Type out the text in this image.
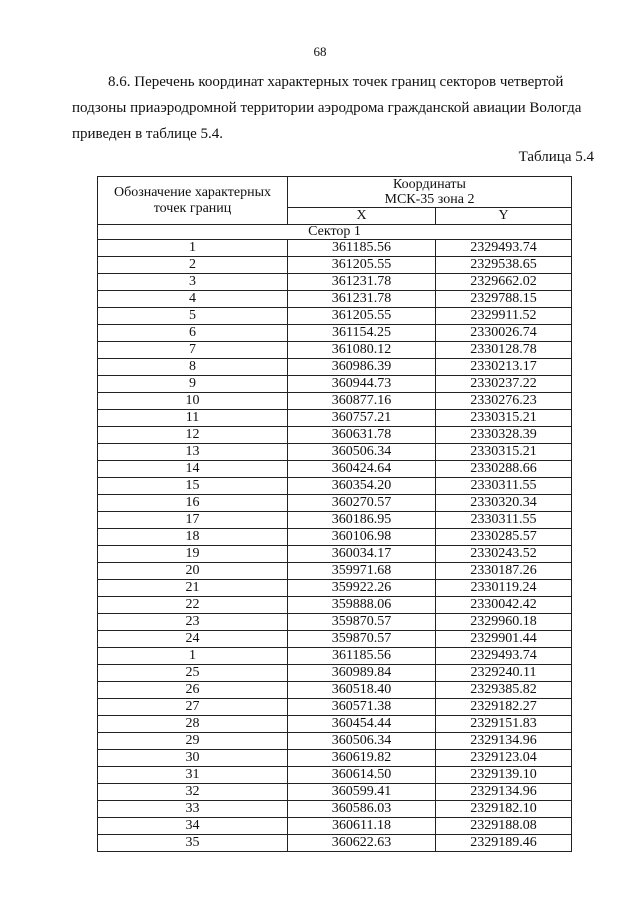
68
8.6. Перечень координат характерных точек границ секторов четвертой
подзоны приаэродромной территории аэродрома гражданской авиации Вологда
приведен в таблице 5.4.
Таблица 5.4
Обозначение характерных точек границ	Координаты
МСК-35 зона 2	

	X	Y
Сектор 1		
1	361185.56	2329493.74
2	361205.55	2329538.65
3	361231.78	2329662.02
4	361231.78	2329788.15
5	361205.55	2329911.52
6	361154.25	2330026.74
7	361080.12	2330128.78
8	360986.39	2330213.17
9	360944.73	2330237.22
10	360877.16	2330276.23
11	360757.21	2330315.21
12	360631.78	2330328.39
13	360506.34	2330315.21
14	360424.64	2330288.66
15	360354.20	2330311.55
16	360270.57	2330320.34
17	360186.95	2330311.55
18	360106.98	2330285.57
19	360034.17	2330243.52
20	359971.68	2330187.26
21	359922.26	2330119.24
22	359888.06	2330042.42
23	359870.57	2329960.18
24	359870.57	2329901.44
1	361185.56	2329493.74
25	360989.84	2329240.11
26	360518.40	2329385.82
27	360571.38	2329182.27
28	360454.44	2329151.83
29	360506.34	2329134.96
30	360619.82	2329123.04
31	360614.50	2329139.10
32	360599.41	2329134.96
33	360586.03	2329182.10
34	360611.18	2329188.08
35	360622.63	2329189.46
